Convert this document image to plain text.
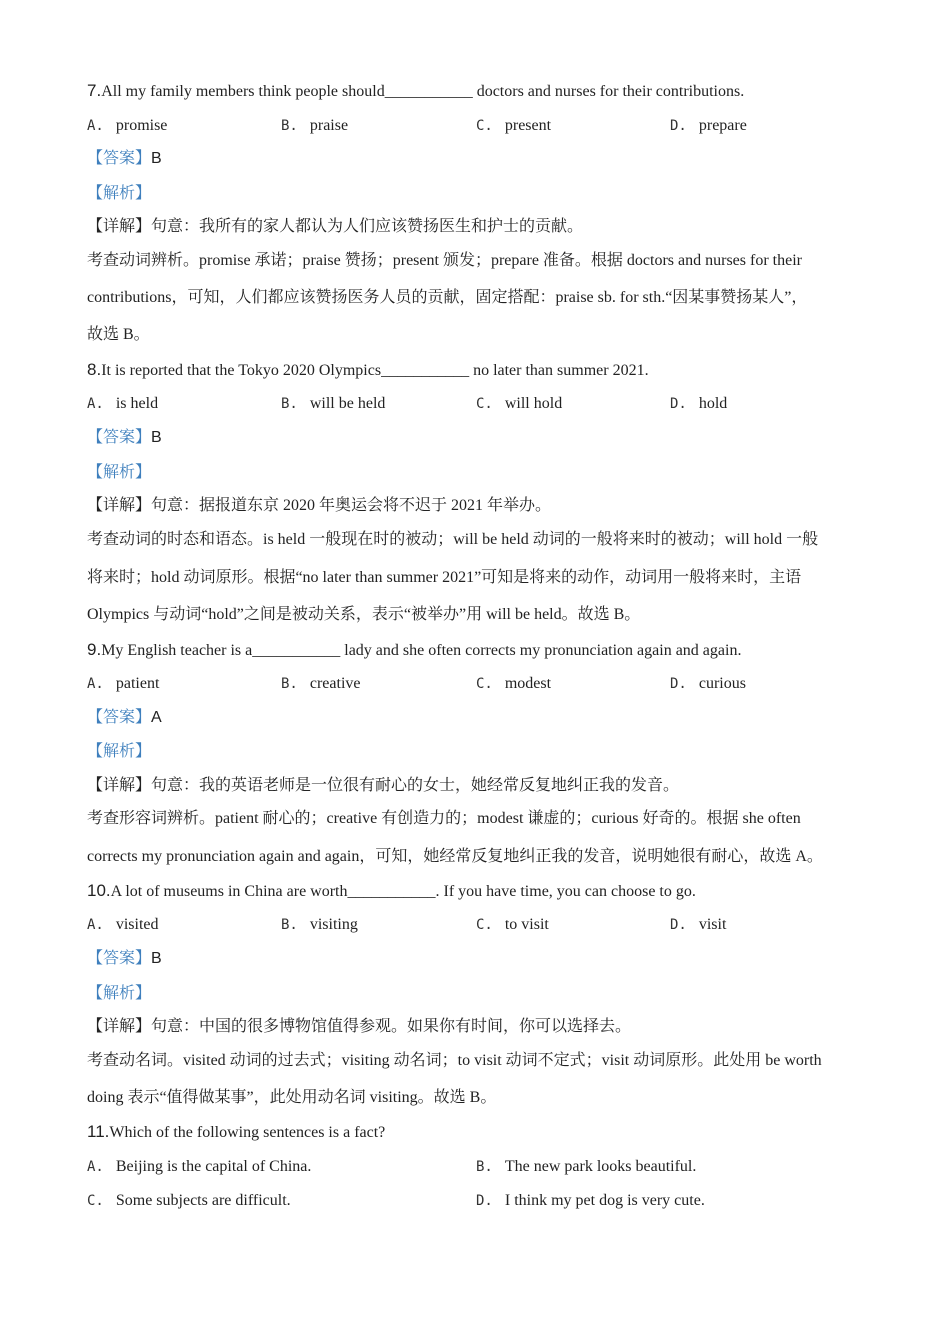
7.All my family members think people should___________ doctors and nurses for their contributions.
A. promise	B. praise	C. present	D. prepare
【答案】B
【解析】
【详解】句意：我所有的家人都认为人们应该赞扬医生和护士的贡献。
考查动词辨析。promise 承诺；praise 赞扬；present 颁发；prepare 准备。根据 doctors and nurses for their
contributions，可知，人们都应该赞扬医务人员的贡献，固定搭配：praise sb. for sth.“因某事赞扬某人”，
故选 B。
8.It is reported that the Tokyo 2020 Olympics___________ no later than summer 2021.
A. is held	B. will be held	C. will hold	D. hold
【答案】B
【解析】
【详解】句意：据报道东京 2020 年奥运会将不迟于 2021 年举办。
考查动词的时态和语态。is held 一般现在时的被动；will be held 动词的一般将来时的被动；will hold 一般
将来时；hold 动词原形。根据“no later than summer 2021”可知是将来的动作，动词用一般将来时，主语
Olympics 与动词“hold”之间是被动关系，表示“被举办”用 will be held。故选 B。
9.My English teacher is a___________ lady and she often corrects my pronunciation again and again.
A. patient	B. creative	C. modest	D. curious
【答案】A
【解析】
【详解】句意：我的英语老师是一位很有耐心的女士，她经常反复地纠正我的发音。
考查形容词辨析。patient 耐心的；creative 有创造力的；modest 谦虚的；curious 好奇的。根据 she often
corrects my pronunciation again and again，可知，她经常反复地纠正我的发音，说明她很有耐心，故选 A。
10.A lot of museums in China are worth___________. If you have time, you can choose to go.
A. visited	B. visiting	C. to visit	D. visit
【答案】B
【解析】
【详解】句意：中国的很多博物馆值得参观。如果你有时间，你可以选择去。
考查动名词。visited 动词的过去式；visiting 动名词；to visit 动词不定式；visit 动词原形。此处用 be worth
doing 表示“值得做某事”，此处用动名词 visiting。故选 B。
11.Which of the following sentences is a fact?
A. Beijing is the capital of China.	B. The new park looks beautiful.
C. Some subjects are difficult.	D. I think my pet dog is very cute.
